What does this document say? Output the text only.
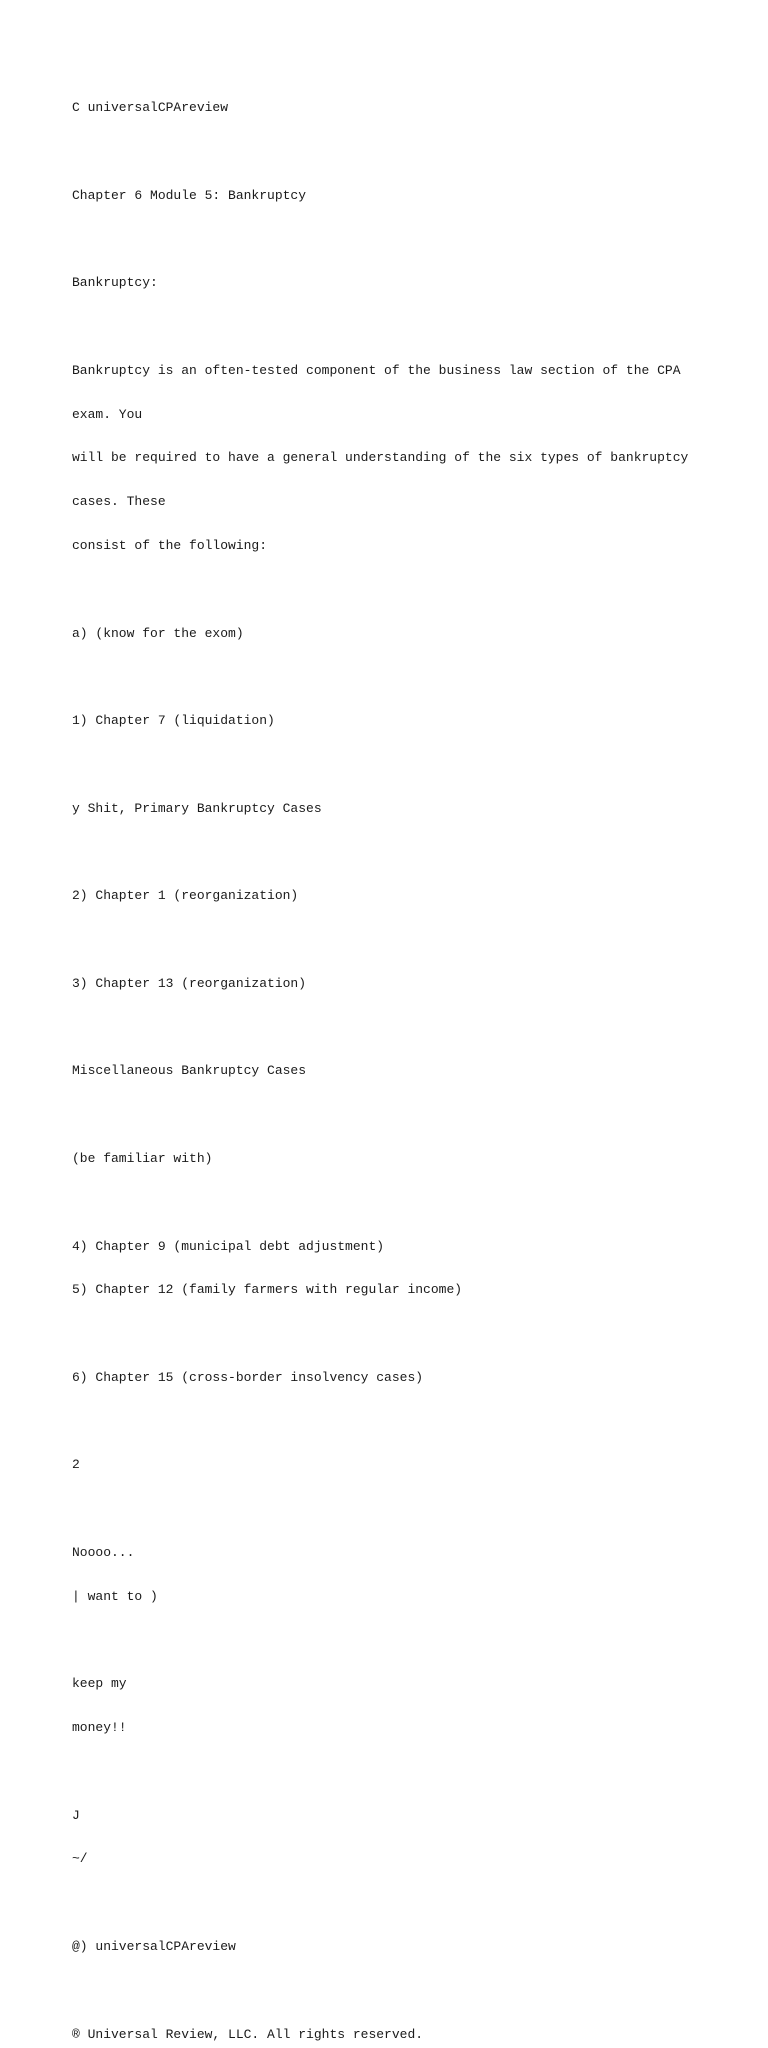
C universalCPAreview

Chapter 6 Module 5: Bankruptcy

Bankruptcy:

Bankruptcy is an often-tested component of the business law section of the CPA

exam. You

will be required to have a general understanding of the six types of bankruptcy

cases. These

consist of the following:

a) (know for the exom)

1) Chapter 7 (liquidation)

y Shit, Primary Bankruptcy Cases

2) Chapter 1 (reorganization)

3) Chapter 13 (reorganization)

Miscellaneous Bankruptcy Cases

(be familiar with)

4) Chapter 9 (municipal debt adjustment)

5) Chapter 12 (family farmers with regular income)

6) Chapter 15 (cross-border insolvency cases)

2

Noooo...

| want to )

keep my

money!!

J

~/

@) universalCPAreview

® Universal Review, LLC. All rights reserved.
